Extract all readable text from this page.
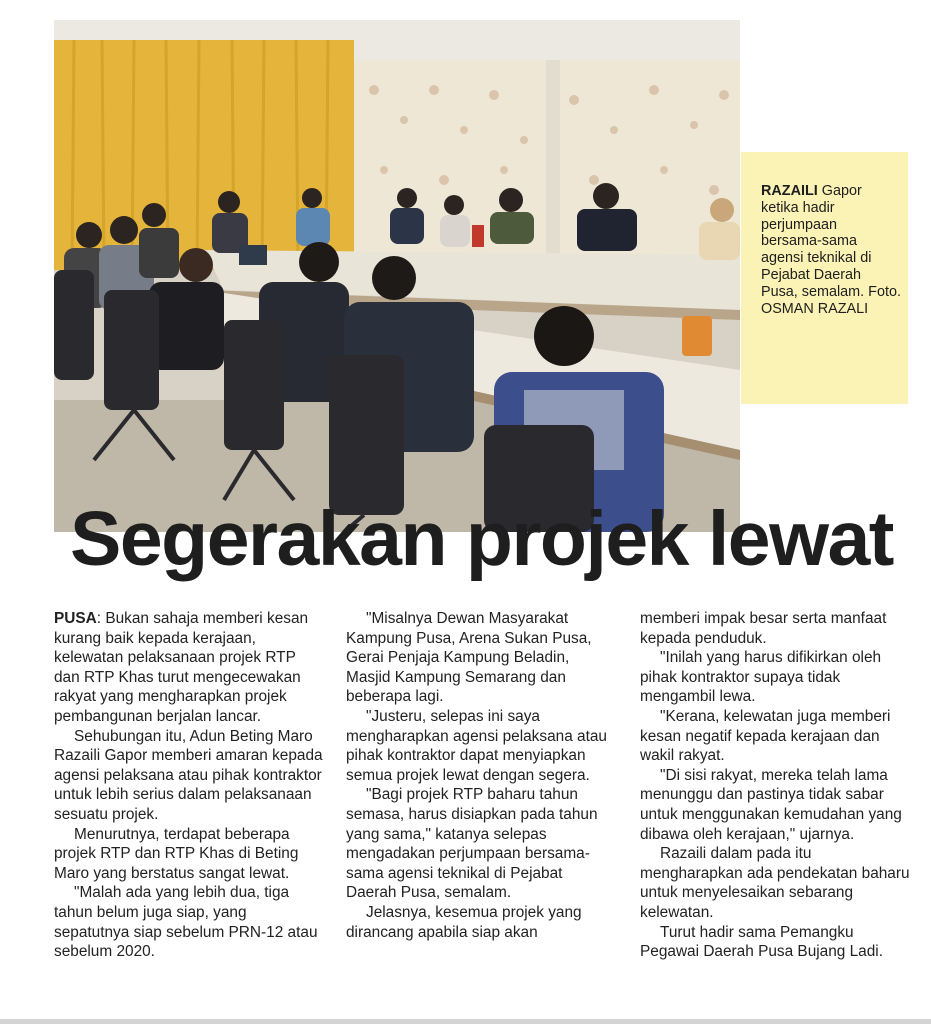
RAZAILI Gapor ketika hadir perjumpaan bersama-sama agensi teknikal di Pejabat Daerah Pusa, semalam. Foto. OSMAN RAZALI
Segerakan projek lewat

PUSA: Bukan sahaja memberi kesan kurang baik kepada kerajaan, kelewatan pelaksanaan projek RTP dan RTP Khas turut mengecewakan rakyat yang mengharapkan projek pembangunan berjalan lancar.

Sehubungan itu, Adun Beting Maro Razaili Gapor memberi amaran kepada agensi pelaksana atau pihak kontraktor untuk lebih serius dalam pelaksanaan sesuatu projek.

Menurutnya, terdapat beberapa projek RTP dan RTP Khas di Beting Maro yang berstatus sangat lewat.

"Malah ada yang lebih dua, tiga tahun belum juga siap, yang sepatutnya siap sebelum PRN-12 atau sebelum 2020.

"Misalnya Dewan Masyarakat Kampung Pusa, Arena Sukan Pusa, Gerai Penjaja Kampung Beladin, Masjid Kampung Semarang dan beberapa lagi.

"Justeru, selepas ini saya mengharapkan agensi pelaksana atau pihak kontraktor dapat menyiapkan semua projek lewat dengan segera.

"Bagi projek RTP baharu tahun semasa, harus disiapkan pada tahun yang sama," katanya selepas mengadakan perjumpaan bersama-sama agensi teknikal di Pejabat Daerah Pusa, semalam.

Jelasnya, kesemua projek yang dirancang apabila siap akan

memberi impak besar serta manfaat kepada penduduk.

"Inilah yang harus difikirkan oleh pihak kontraktor supaya tidak mengambil lewa.

"Kerana, kelewatan juga memberi kesan negatif kepada kerajaan dan wakil rakyat.

"Di sisi rakyat, mereka telah lama menunggu dan pastinya tidak sabar untuk menggunakan kemudahan yang dibawa oleh kerajaan," ujarnya.

Razaili dalam pada itu mengharapkan ada pendekatan baharu untuk menyelesaikan sebarang kelewatan.

Turut hadir sama Pemangku Pegawai Daerah Pusa Bujang Ladi.
